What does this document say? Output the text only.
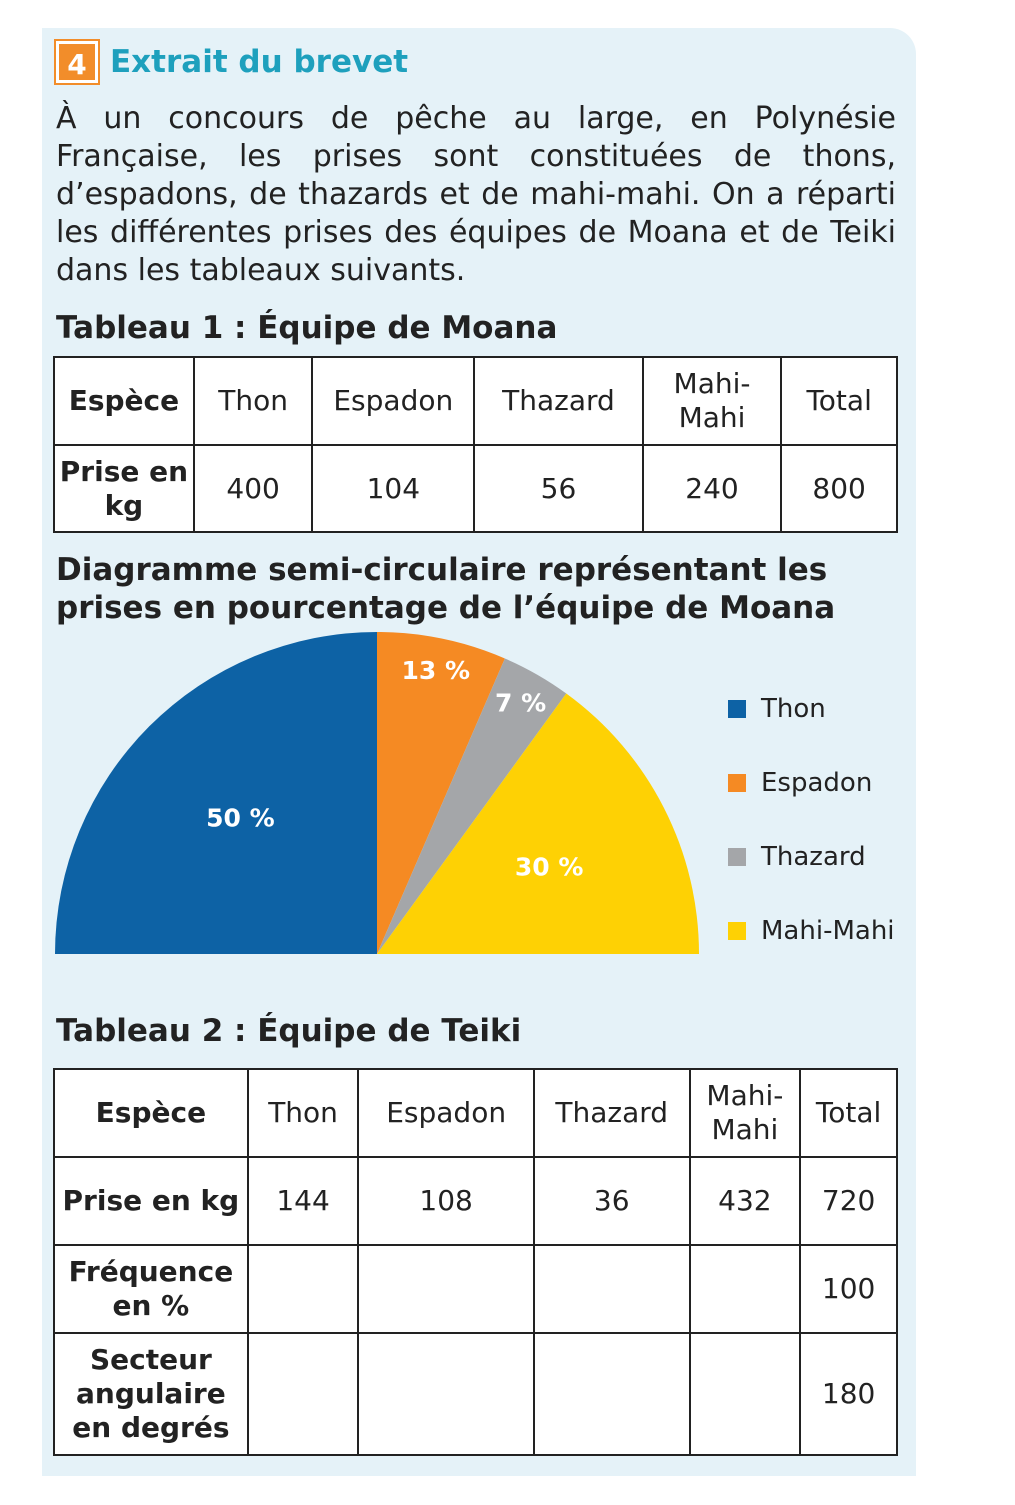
4 Extrait du brevet

À un concours de pêche au large, en Polynésie Française, les prises sont constituées de thons, d’espadons, de thazards et de mahi-mahi. On a réparti les différentes prises des équipes de Moana et de Teiki dans les tableaux suivants.

Tableau 1 : Équipe de Moana
Espèce	Thon	Espadon	Thazard	Mahi-Mahi	Total
Prise en kg	400	104	56	240	800
Diagramme semi-circulaire représentant les prises en pourcentage de l’équipe de Moana
50 %
13 %
7 %
30 %
Thon
Espadon
Thazard
Mahi-Mahi
Tableau 2 : Équipe de Teiki
Espèce	Thon	Espadon	Thazard	Mahi-Mahi	Total
Prise en kg	144	108	36	432	720
Fréquence en %					100
Secteur angulaire en degrés					180
